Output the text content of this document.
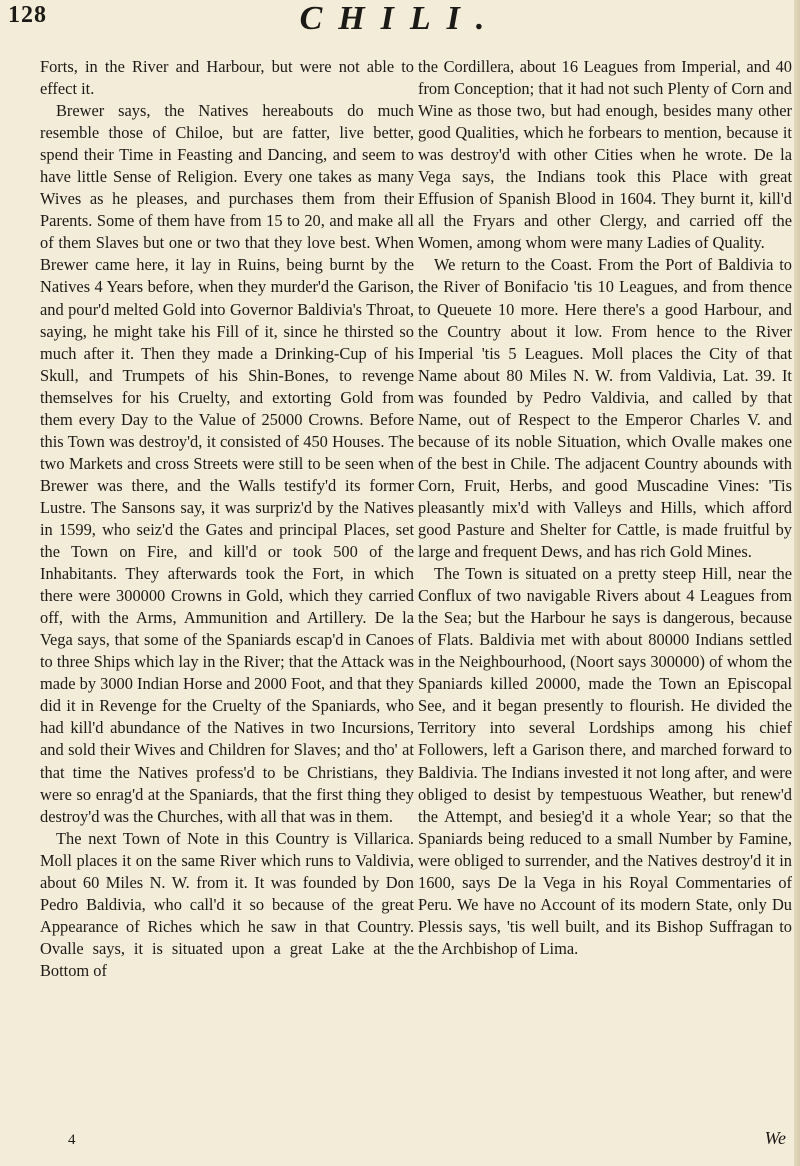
128	CHILI.

Forts, in the River and Harbour, but were not able to effect it.

Brewer says, the Natives hereabouts do much resemble those of Chiloe, but are fatter, live better, spend their Time in Feasting and Dancing, and seem to have little Sense of Religion. Every one takes as many Wives as he pleases, and purchases them from their Parents. Some of them have from 15 to 20, and make all of them Slaves but one or two that they love best. When Brewer came here, it lay in Ruins, being burnt by the Natives 4 Years before, when they murder'd the Garison, and pour'd melted Gold into Governor Baldivia's Throat, saying, he might take his Fill of it, since he thirsted so much after it. Then they made a Drinking-Cup of his Skull, and Trumpets of his Shin-Bones, to revenge themselves for his Cruelty, and extorting Gold from them every Day to the Value of 25000 Crowns. Before this Town was destroy'd, it consisted of 450 Houses. The two Markets and cross Streets were still to be seen when Brewer was there, and the Walls testify'd its former Lustre. The Sansons say, it was surpriz'd by the Natives in 1599, who seiz'd the Gates and principal Places, set the Town on Fire, and kill'd or took 500 of the Inhabitants. They afterwards took the Fort, in which there were 300000 Crowns in Gold, which they carried off, with the Arms, Ammunition and Artillery. De la Vega says, that some of the Spaniards escap'd in Canoes to three Ships which lay in the River; that the Attack was made by 3000 Indian Horse and 2000 Foot, and that they did it in Revenge for the Cruelty of the Spaniards, who had kill'd abundance of the Natives in two Incursions, and sold their Wives and Children for Slaves; and tho' at that time the Natives profess'd to be Christians, they were so enrag'd at the Spaniards, that the first thing they destroy'd was the Churches, with all that was in them.

The next Town of Note in this Country is Villarica. Moll places it on the same River which runs to Valdivia, about 60 Miles N. W. from it. It was founded by Don Pedro Baldivia, who call'd it so because of the great Appearance of Riches which he saw in that Country. Ovalle says, it is situated upon a great Lake at the Bottom of

the Cordillera, about 16 Leagues from Imperial, and 40 from Conception; that it had not such Plenty of Corn and Wine as those two, but had enough, besides many other good Qualities, which he forbears to mention, because it was destroy'd with other Cities when he wrote. De la Vega says, the Indians took this Place with great Effusion of Spanish Blood in 1604. They burnt it, kill'd all the Fryars and other Clergy, and carried off the Women, among whom were many Ladies of Quality.

We return to the Coast. From the Port of Baldivia to the River of Bonifacio 'tis 10 Leagues, and from thence to Queuete 10 more. Here there's a good Harbour, and the Country about it low. From hence to the River Imperial 'tis 5 Leagues. Moll places the City of that Name about 80 Miles N. W. from Valdivia, Lat. 39. It was founded by Pedro Valdivia, and called by that Name, out of Respect to the Emperor Charles V. and because of its noble Situation, which Ovalle makes one of the best in Chile. The adjacent Country abounds with Corn, Fruit, Herbs, and good Muscadine Vines: 'Tis pleasantly mix'd with Valleys and Hills, which afford good Pasture and Shelter for Cattle, is made fruitful by large and frequent Dews, and has rich Gold Mines.

The Town is situated on a pretty steep Hill, near the Conflux of two navigable Rivers about 4 Leagues from the Sea; but the Harbour he says is dangerous, because of Flats. Baldivia met with about 80000 Indians settled in the Neighbourhood, (Noort says 300000) of whom the Spaniards killed 20000, made the Town an Episcopal See, and it began presently to flourish. He divided the Territory into several Lordships among his chief Followers, left a Garison there, and marched forward to Baldivia. The Indians invested it not long after, and were obliged to desist by tempestuous Weather, but renew'd the Attempt, and besieg'd it a whole Year; so that the Spaniards being reduced to a small Number by Famine, were obliged to surrender, and the Natives destroy'd it in 1600, says De la Vega in his Royal Commentaries of Peru. We have no Account of its modern State, only Du Plessis says, 'tis well built, and its Bishop Suffragan to the Archbishop of Lima.

4	We
